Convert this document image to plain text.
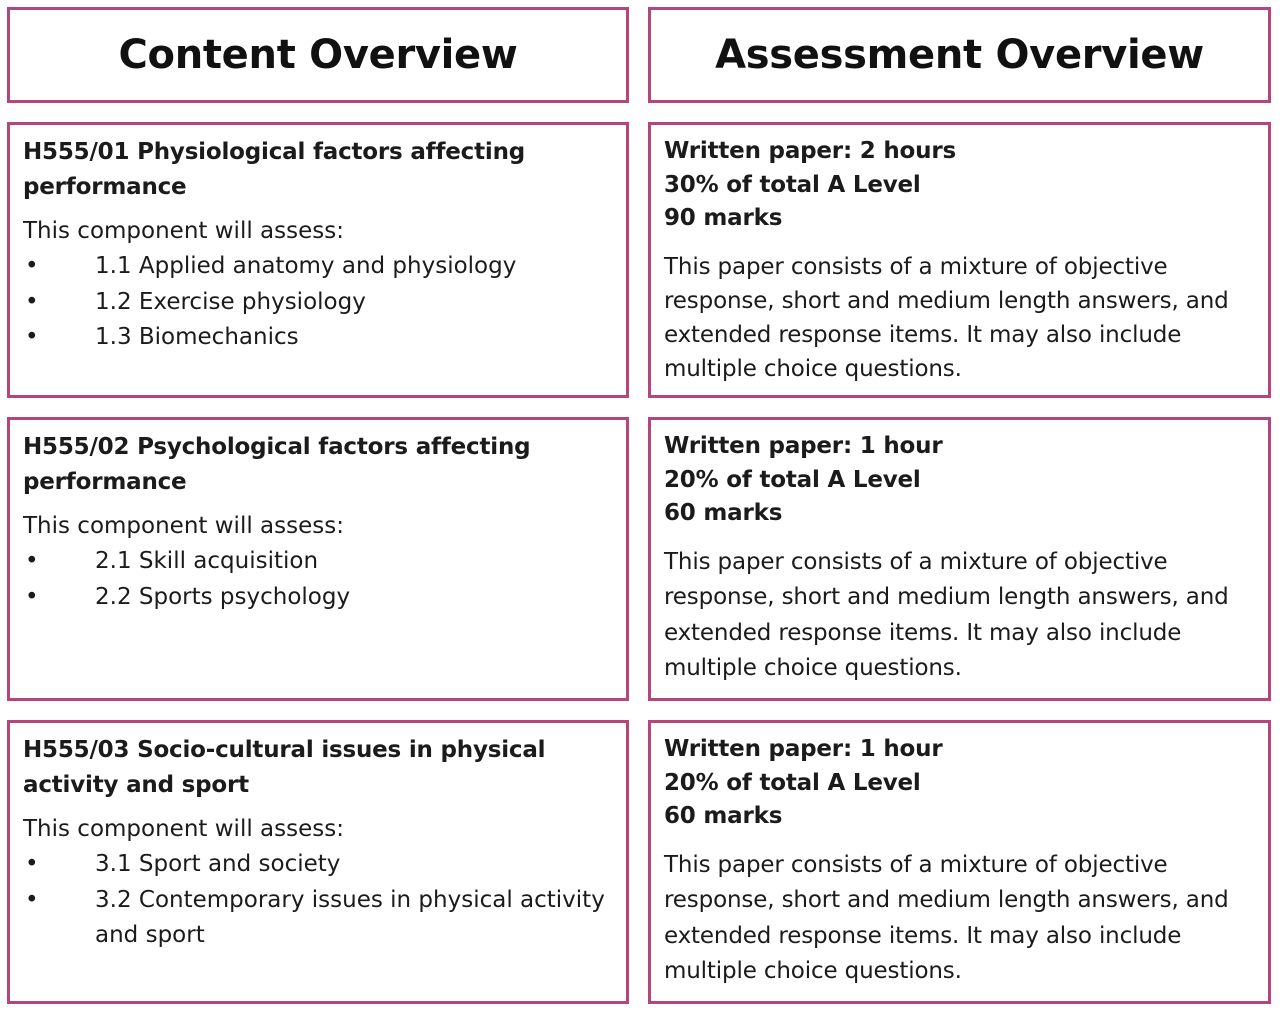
Content Overview	Assessment Overview

H555/01 Physiological factors affecting performance

This component will assess:

• 1.1 Applied anatomy and physiology
• 1.2 Exercise physiology
• 1.3 Biomechanics
Written paper: 2 hours
30% of total A Level
90 marks

This paper consists of a mixture of objective response, short and medium length answers, and extended response items. It may also include multiple choice questions.

H555/02 Psychological factors affecting performance

This component will assess:

• 2.1 Skill acquisition
• 2.2 Sports psychology
Written paper: 1 hour
20% of total A Level
60 marks

This paper consists of a mixture of objective response, short and medium length answers, and extended response items. It may also include multiple choice questions.

H555/03 Socio-cultural issues in physical activity and sport

This component will assess:

• 3.1 Sport and society
• 3.2 Contemporary issues in physical activity and sport
Written paper: 1 hour
20% of total A Level
60 marks

This paper consists of a mixture of objective response, short and medium length answers, and extended response items. It may also include multiple choice questions.
